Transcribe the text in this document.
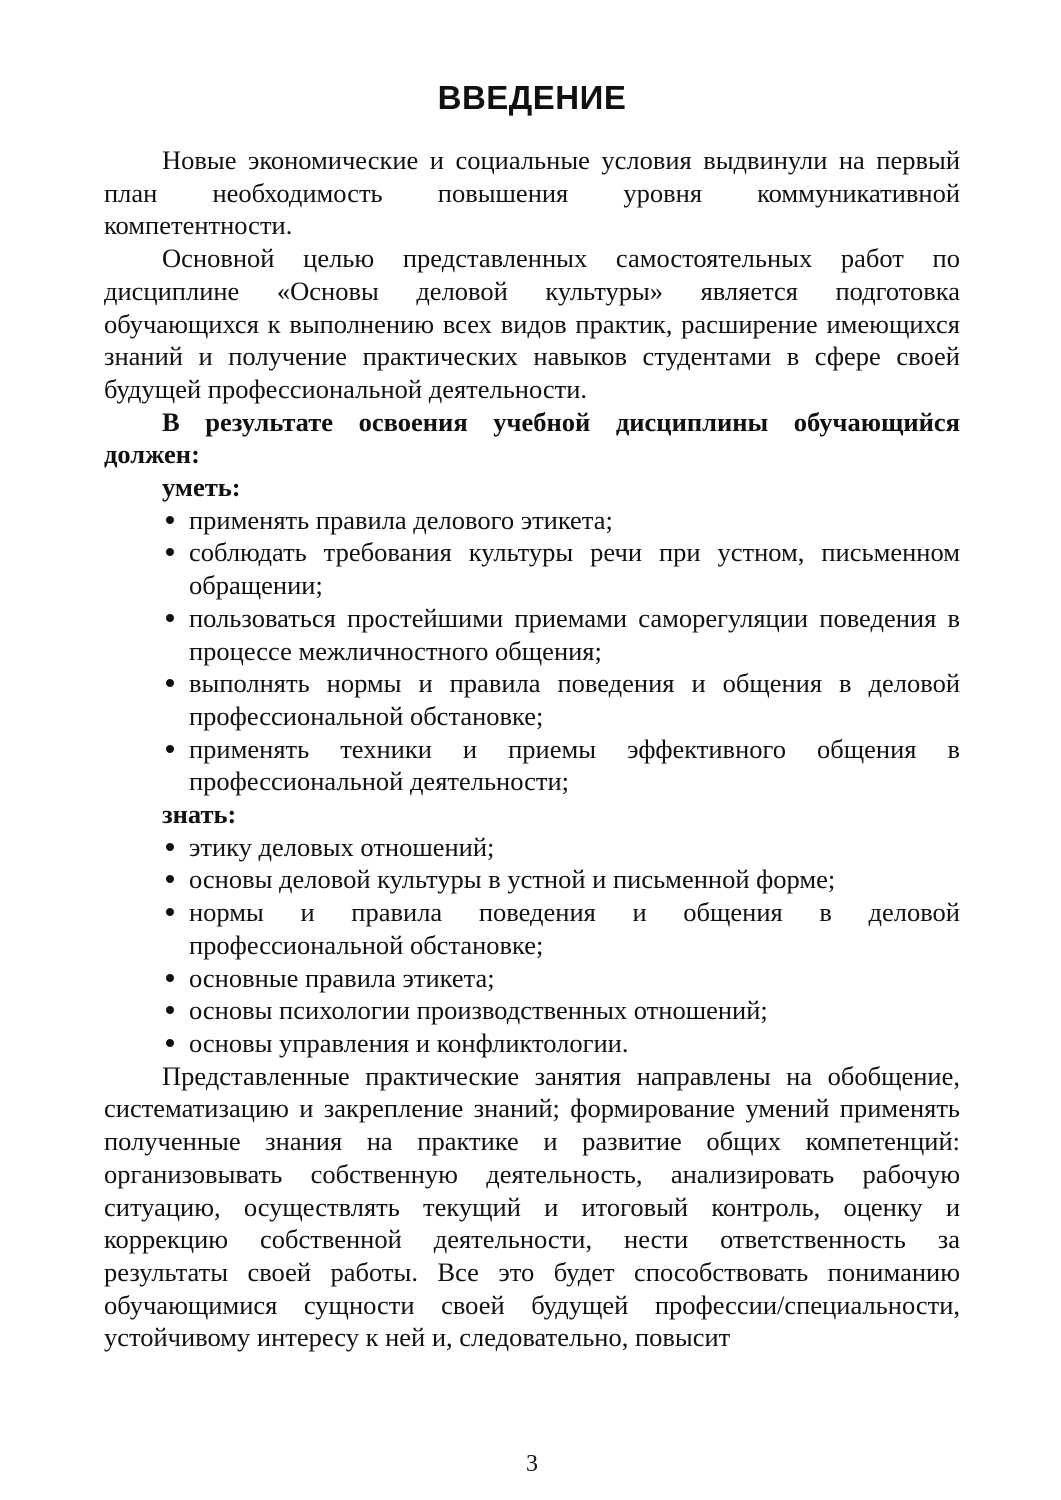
ВВЕДЕНИЕ

Новые экономические и социальные условия выдвинули на первый план необходимость повышения уровня коммуникативной компетентности.

Основной целью представленных самостоятельных работ по дисциплине «Основы деловой культуры» является подготовка обучающихся к выполнению всех видов практик, расширение имеющихся знаний и получение практических навыков студентами в сфере своей будущей профессиональной деятельности.

В результате освоения учебной дисциплины обучающийся должен:

уметь:
применять правила делового этикета;
соблюдать требования культуры речи при устном, письменном обращении;
пользоваться простейшими приемами саморегуляции поведения в процессе межличностного общения;
выполнять нормы и правила поведения и общения в деловой профессиональной обстановке;
применять техники и приемы эффективного общения в профессиональной деятельности;
знать:
этику деловых отношений;
основы деловой культуры в устной и письменной форме;
нормы и правила поведения и общения в деловой профессиональной обстановке;
основные правила этикета;
основы психологии производственных отношений;
основы управления и конфликтологии.

Представленные практические занятия направлены на обобщение, систематизацию и закрепление знаний; формирование умений применять полученные знания на практике и развитие общих компетенций: организовывать собственную деятельность, анализировать рабочую ситуацию, осуществлять текущий и итоговый контроль, оценку и коррекцию собственной деятельности, нести ответственность за результаты своей работы. Все это будет способствовать пониманию обучающимися сущности своей будущей профессии/специальности, устойчивому интересу к ней и, следовательно, повысит

3
